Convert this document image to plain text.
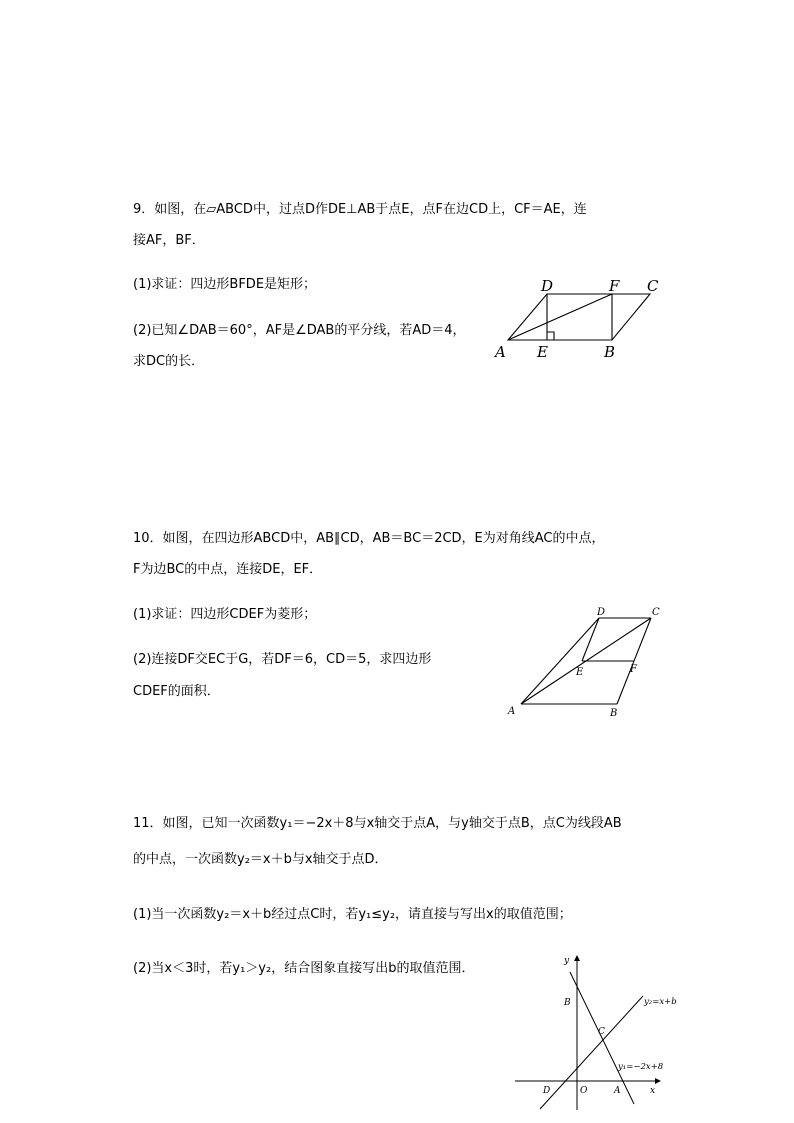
9．如图，在▱ABCD中，过点D作DE⊥AB于点E，点F在边CD上，CF＝AE，连
接AF，BF．
(1)求证：四边形BFDE是矩形；
(2)已知∠DAB＝60°，AF是∠DAB的平分线，若AD＝4，
求DC的长．
D	F C
A E	B
10．如图，在四边形ABCD中，AB∥CD，AB＝BC＝2CD，E为对角线AC的中点，
F为边BC的中点，连接DE，EF．
(1)求证：四边形CDEF为菱形；
(2)连接DF交EC于G，若DF＝6，CD＝5，求四边形
CDEF的面积．
D	C
E	F
A	B
11．如图，已知一次函数y₁＝−2x＋8与x轴交于点A，与y轴交于点B，点C为线段AB
的中点，一次函数y₂＝x＋b与x轴交于点D．
(1)当一次函数y₂＝x＋b经过点C时，若y₁≤y₂，请直接与写出x的取值范围；
(2)当x＜3时，若y₁＞y₂，结合图象直接写出b的取值范围．	y
B
C
D	O	A	x
y₂=x+b
y₁=−2x+8
